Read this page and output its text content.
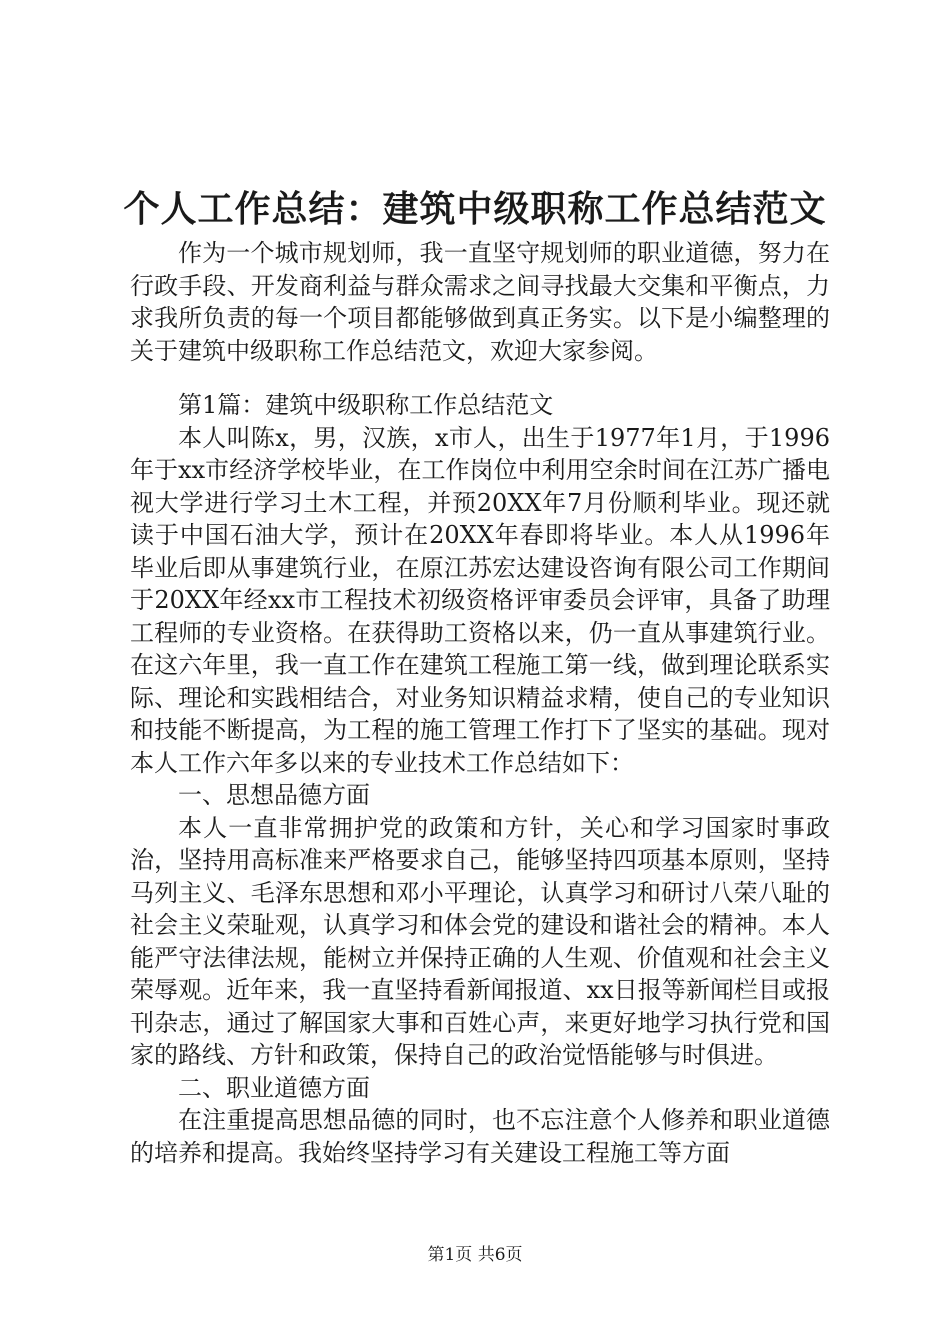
个人工作总结：建筑中级职称工作总结范文

作为一个城市规划师，我一直坚守规划师的职业道德，努力在行政手段、开发商利益与群众需求之间寻找最大交集和平衡点，力求我所负责的每一个项目都能够做到真正务实。以下是小编整理的关于建筑中级职称工作总结范文，欢迎大家参阅。

第1篇：建筑中级职称工作总结范文

本人叫陈x，男，汉族，x市人，出生于1977年1月，于1996年于xx市经济学校毕业，在工作岗位中利用空余时间在江苏广播电视大学进行学习土木工程，并预20XX年7月份顺利毕业。现还就读于中国石油大学，预计在20XX年春即将毕业。本人从1996年毕业后即从事建筑行业，在原江苏宏达建设咨询有限公司工作期间于20XX年经xx市工程技术初级资格评审委员会评审，具备了助理工程师的专业资格。在获得助工资格以来，仍一直从事建筑行业。在这六年里，我一直工作在建筑工程施工第一线，做到理论联系实际、理论和实践相结合，对业务知识精益求精，使自己的专业知识和技能不断提高，为工程的施工管理工作打下了坚实的基础。现对本人工作六年多以来的专业技术工作总结如下：

一、思想品德方面

本人一直非常拥护党的政策和方针，关心和学习国家时事政治，坚持用高标准来严格要求自己，能够坚持四项基本原则，坚持马列主义、毛泽东思想和邓小平理论，认真学习和研讨八荣八耻的社会主义荣耻观，认真学习和体会党的建设和谐社会的精神。本人能严守法律法规，能树立并保持正确的人生观、价值观和社会主义荣辱观。近年来，我一直坚持看新闻报道、xx日报等新闻栏目或报刊杂志，通过了解国家大事和百姓心声，来更好地学习执行党和国家的路线、方针和政策，保持自己的政治觉悟能够与时俱进。

二、职业道德方面

在注重提高思想品德的同时，也不忘注意个人修养和职业道德的培养和提高。我始终坚持学习有关建设工程施工等方面

第1页 共6页
